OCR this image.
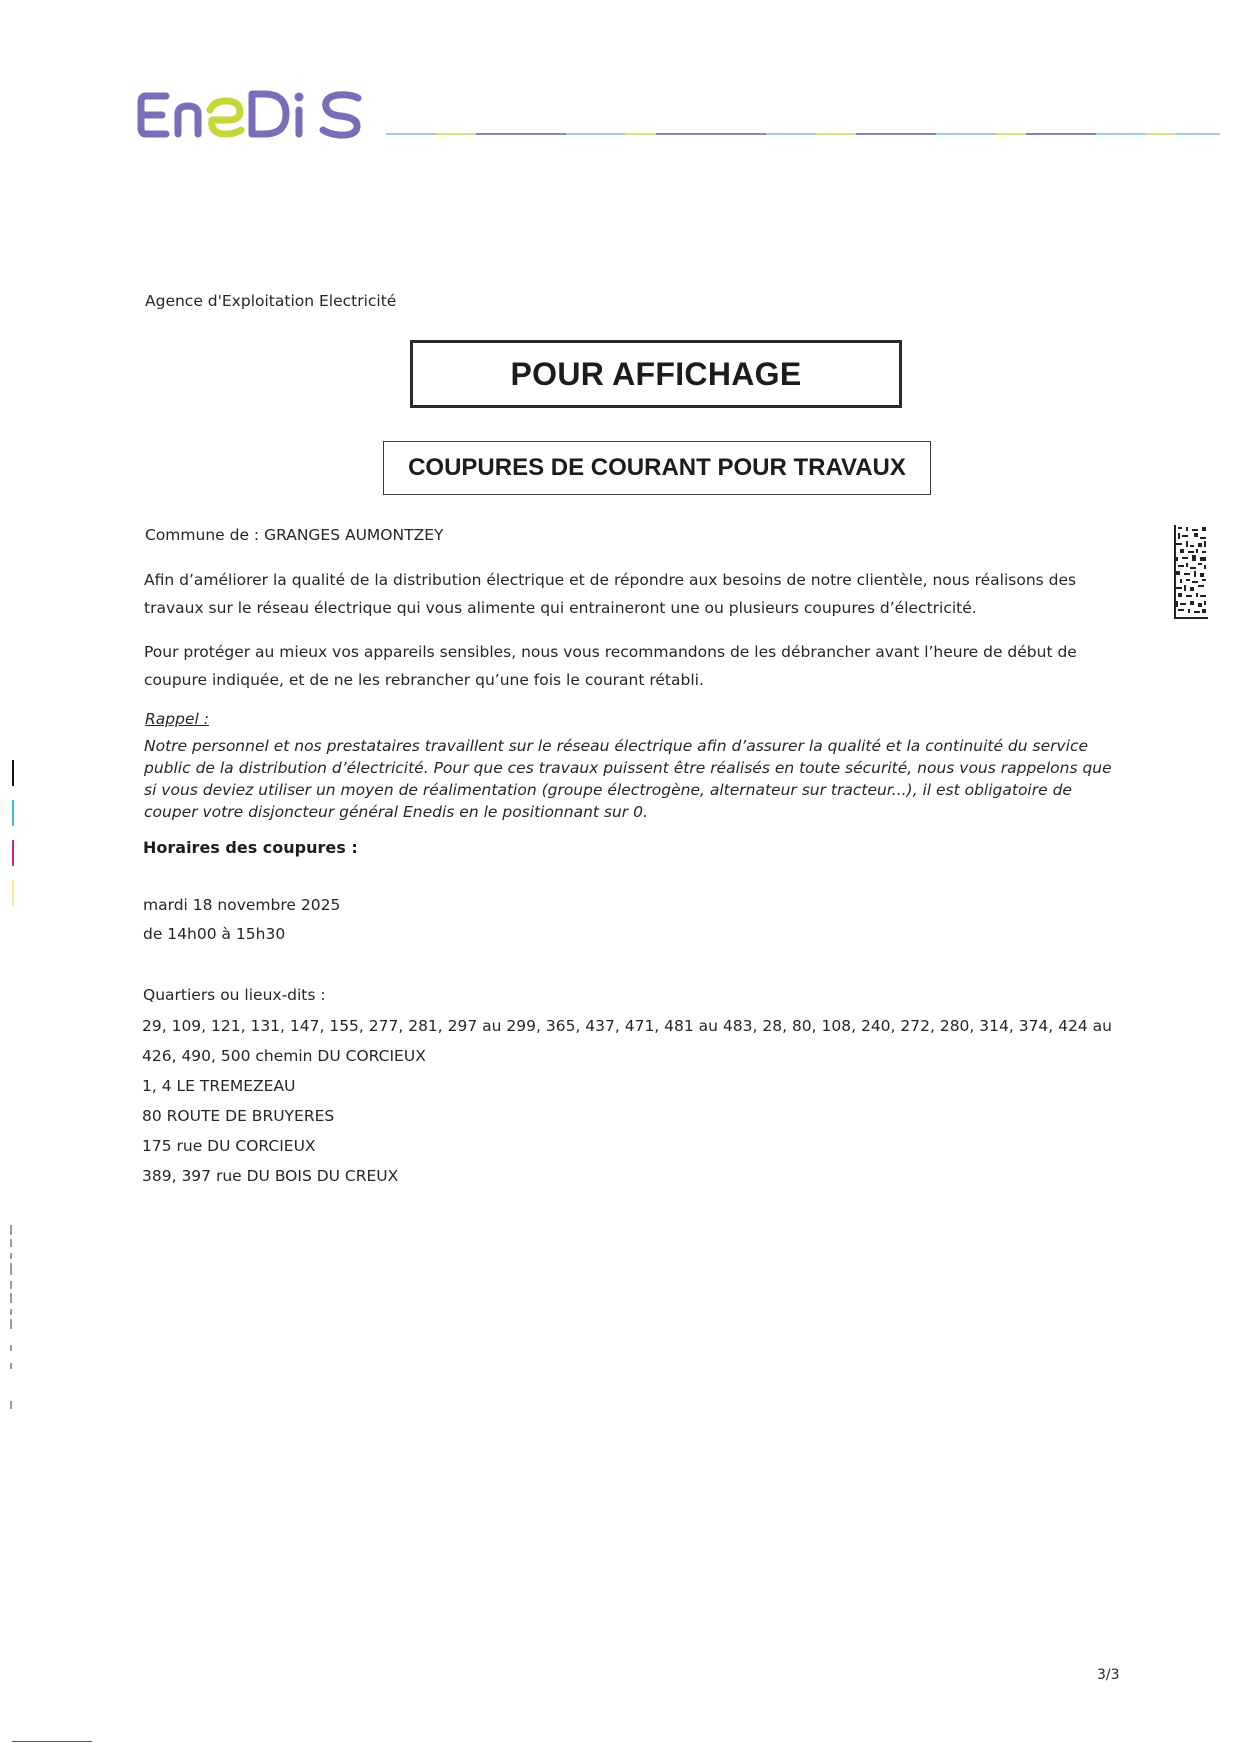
Agence d'Exploitation Electricité
POUR AFFICHAGE
COUPURES DE COURANT POUR TRAVAUX
Commune de : GRANGES AUMONTZEY

Afin d’améliorer la qualité de la distribution électrique et de répondre aux besoins de notre clientèle, nous réalisons des travaux sur le réseau électrique qui vous alimente qui entraineront une ou plusieurs coupures d’électricité.

Pour protéger au mieux vos appareils sensibles, nous vous recommandons de les débrancher avant l’heure de début de coupure indiquée, et de ne les rebrancher qu’une fois le courant rétabli.

Rappel :

Notre personnel et nos prestataires travaillent sur le réseau électrique afin d’assurer la qualité et la continuité du service public de la distribution d’électricité. Pour que ces travaux puissent être réalisés en toute sécurité, nous vous rappelons que si vous deviez utiliser un moyen de réalimentation (groupe électrogène, alternateur sur tracteur...), il est obligatoire de couper votre disjoncteur général Enedis en le positionnant sur 0.

Horaires des coupures :
mardi 18 novembre 2025
de 14h00 à 15h30
Quartiers ou lieux-dits :
29, 109, 121, 131, 147, 155, 277, 281, 297 au 299, 365, 437, 471, 481 au 483, 28, 80, 108, 240, 272, 280, 314, 374, 424 au 426, 490, 500 chemin DU CORCIEUX
1, 4 LE TREMEZEAU
80 ROUTE DE BRUYERES
175 rue DU CORCIEUX
389, 397 rue DU BOIS DU CREUX
3/3
